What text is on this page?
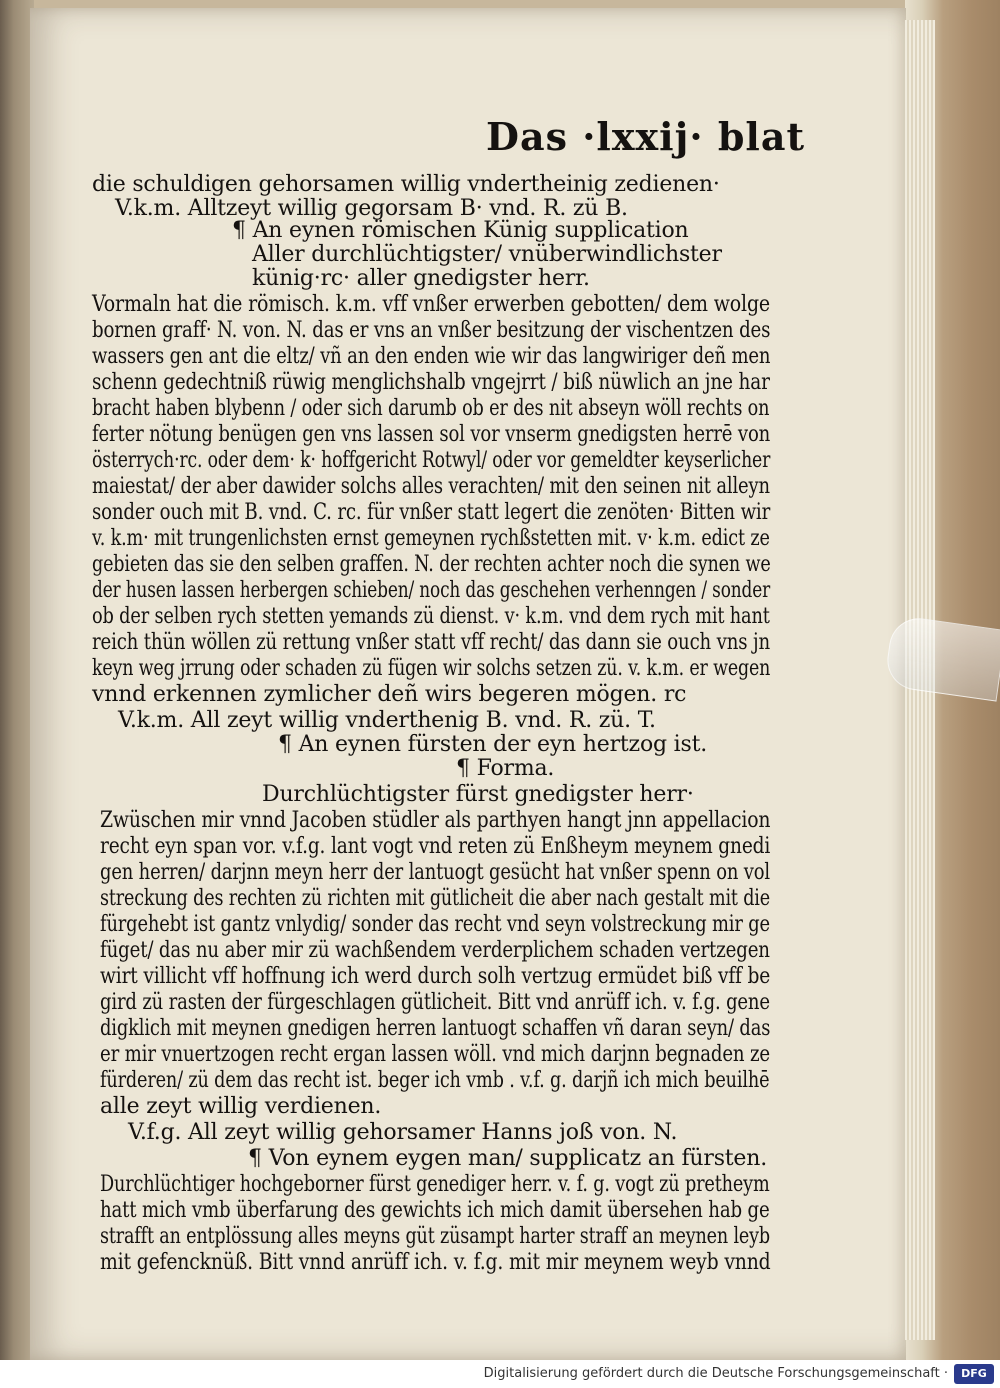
Das ·lxxij· blat
die schuldigen gehorsamen willig vndertheinig zedienen·
V.k.m. Alltzeyt willig gegorsam B· vnd. R. zü B.
¶ An eynen römischen Künig supplication
Aller durchlüchtigster/ vnüberwindlichster
künig·rc· aller gnedigster herr.
Vormaln hat die römisch. k.m. vff vnßer erwerben gebotten/ dem wolge
bornen graff· N. von. N. das er vns an vnßer besitzung der vischentzen des
wassers gen ant die eltz/ vñ an den enden wie wir das langwiriger deñ men
schenn gedechtniß rüwig menglichshalb vngejrrt / biß nüwlich an jne har
bracht haben blybenn / oder sich darumb ob er des nit abseyn wöll rechts on
ferter nötung benügen gen vns lassen sol vor vnserm gnedigsten herrē von
österrych·rc. oder dem· k· hoffgericht Rotwyl/ oder vor gemeldter keyserlicher
maiestat/ der aber dawider solchs alles verachten/ mit den seinen nit alleyn
sonder ouch mit B. vnd. C. rc. für vnßer statt legert die zenöten· Bitten wir
v. k.m· mit trungenlichsten ernst gemeynen rychßstetten mit. v· k.m. edict ze
gebieten das sie den selben graffen. N. der rechten achter noch die synen we
der husen lassen herbergen schieben/ noch das geschehen verhenngen / sonder
ob der selben rych stetten yemands zü dienst. v· k.m. vnd dem rych mit hant
reich thün wöllen zü rettung vnßer statt vff recht/ das dann sie ouch vns jn
keyn weg jrrung oder schaden zü fügen wir solchs setzen zü. v. k.m. er wegen
vnnd erkennen zymlicher deñ wirs begeren mögen. rc
V.k.m. All zeyt willig vnderthenig B. vnd. R. zü. T.
¶ An eynen fürsten der eyn hertzog ist.
¶ Forma.
Durchlüchtigster fürst gnedigster herr·
Zwüschen mir vnnd Jacoben stüdler als parthyen hangt jnn appellacion
recht eyn span vor. v.f.g. lant vogt vnd reten zü Enßheym meynem gnedi
gen herren/ darjnn meyn herr der lantuogt gesücht hat vnßer spenn on vol
streckung des rechten zü richten mit gütlicheit die aber nach gestalt mit die
fürgehebt ist gantz vnlydig/ sonder das recht vnd seyn volstreckung mir ge
füget/ das nu aber mir zü wachßendem verderplichem schaden vertzegen
wirt villicht vff hoffnung ich werd durch solh vertzug ermüdet biß vff be
gird zü rasten der fürgeschlagen gütlicheit. Bitt vnd anrüff ich. v. f.g. gene
digklich mit meynen gnedigen herren lantuogt schaffen vñ daran seyn/ das
er mir vnuertzogen recht ergan lassen wöll. vnd mich darjnn begnaden ze
fürderen/ zü dem das recht ist. beger ich vmb . v.f. g. darjñ ich mich beuilhē
alle zeyt willig verdienen.
V.f.g. All zeyt willig gehorsamer Hanns joß von. N.
¶ Von eynem eygen man/ supplicatz an fürsten.
Durchlüchtiger hochgeborner fürst genediger herr. v. f. g. vogt zü pretheym
hatt mich vmb überfarung des gewichts ich mich damit übersehen hab ge
strafft an entplössung alles meyns güt züsampt harter straff an meynen leyb
mit gefencknüß. Bitt vnnd anrüff ich. v. f.g. mit mir meynem weyb vnnd
Digitalisierung gefördert durch die Deutsche Forschungsgemeinschaft ·	DFG
